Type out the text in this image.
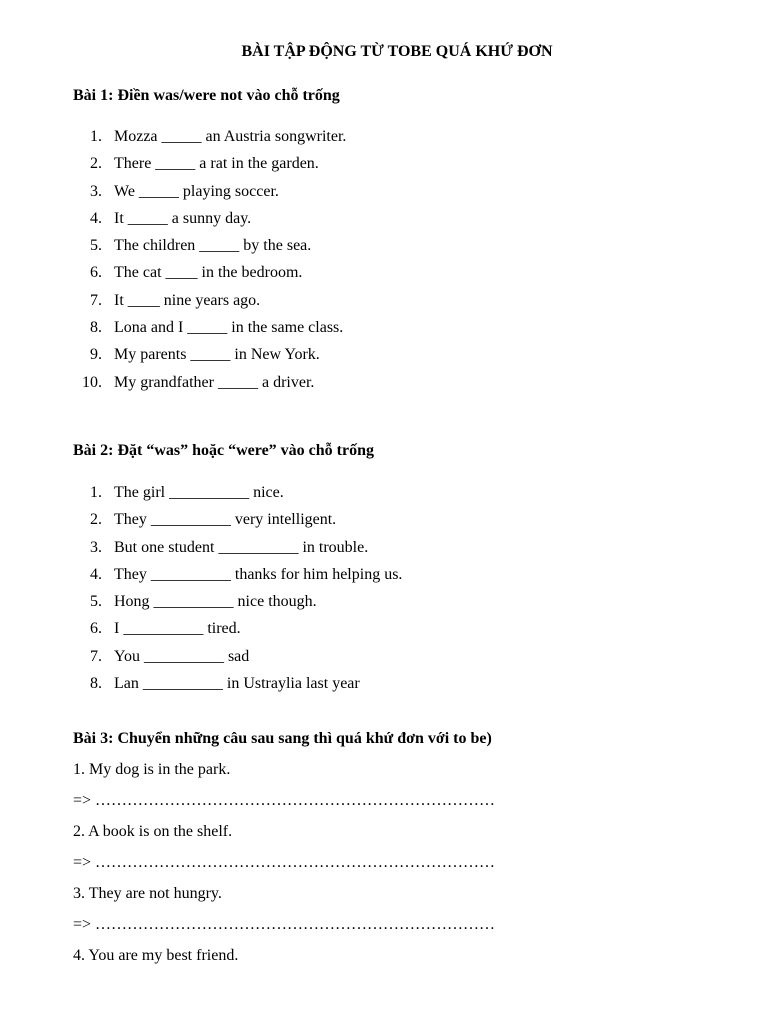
BÀI TẬP ĐỘNG TỪ TOBE QUÁ KHỨ ĐƠN
Bài 1: Điền was/were not vào chỗ trống
1. Mozza _____ an Austria songwriter.
2. There _____ a rat in the garden.
3. We _____ playing soccer.
4. It _____ a sunny day.
5. The children _____ by the sea.
6. The cat ____ in the bedroom.
7. It ____ nine years ago.
8. Lona and I _____ in the same class.
9. My parents _____ in New York.
10. My grandfather _____ a driver.
Bài 2: Đặt “was” hoặc “were” vào chỗ trống
1. The girl __________ nice.
2. They __________ very intelligent.
3. But one student __________ in trouble.
4. They __________ thanks for him helping us.
5. Hong __________ nice though.
6. I __________ tired.
7. You __________ sad
8. Lan __________ in Ustraylia last year
Bài 3: Chuyển những câu sau sang thì quá khứ đơn với to be)
1. My dog is in the park.
=> …………………………………………………………………
2. A book is on the shelf.
=> …………………………………………………………………
3. They are not hungry.
=> …………………………………………………………………
4. You are my best friend.
